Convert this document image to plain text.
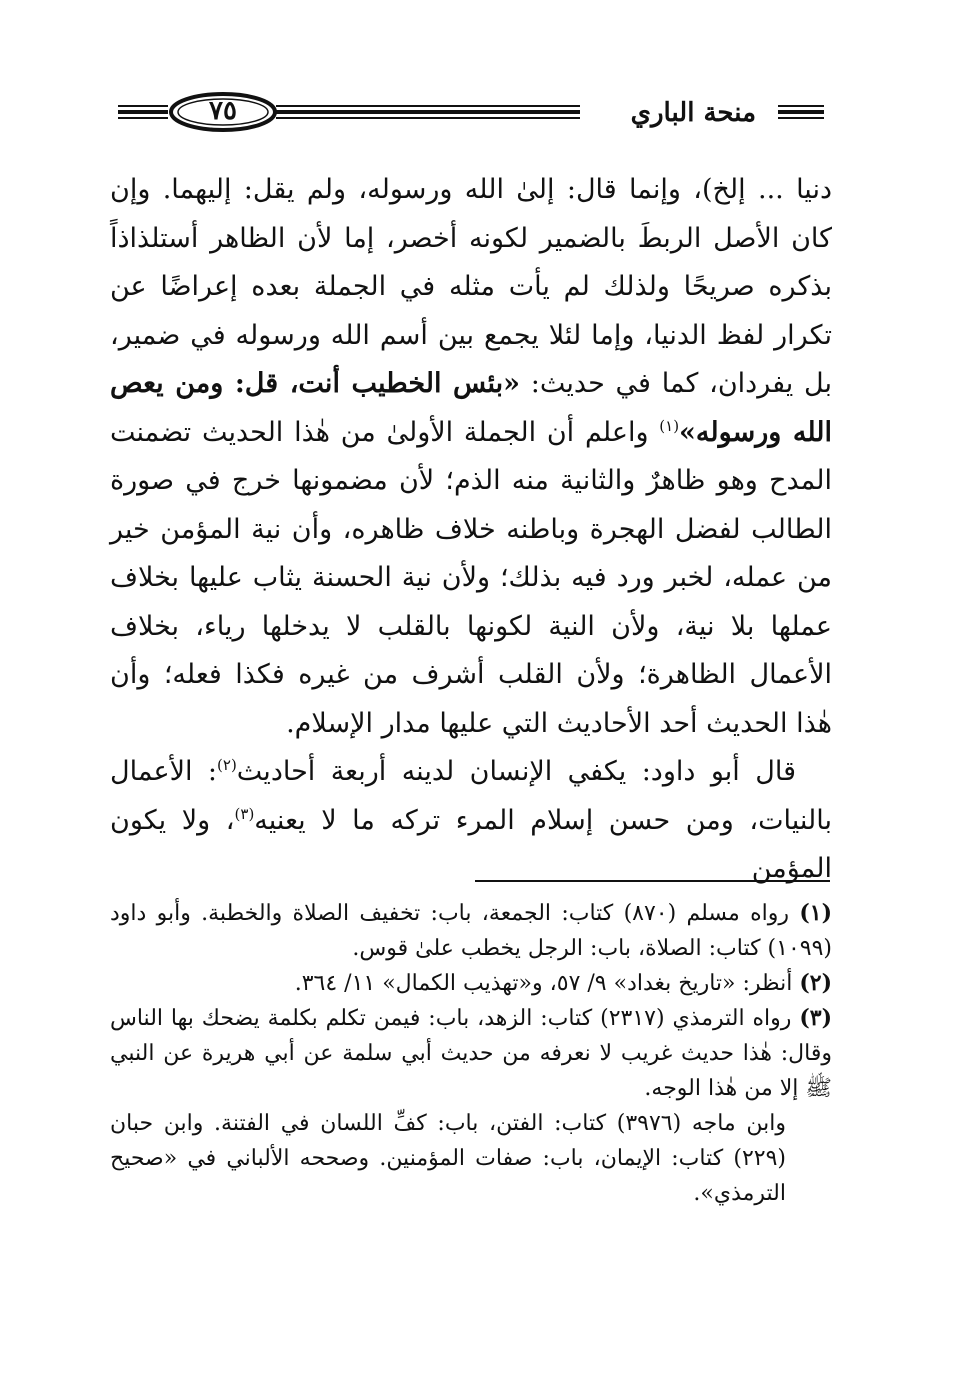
منحة الباري
٧٥

دنيا ... إلخ)، وإنما قال: إلىٰ الله ورسوله، ولم يقل: إليهما. وإن كان الأصل الربطَ بالضمير لكونه أخصر، إما لأن الظاهر أستلذاذاً بذكره صريحًا ولذلك لم يأت مثله في الجملة بعده إعراضًا عن تكرار لفظ الدنيا، وإما لئلا يجمع بين أسم الله ورسوله في ضمير، بل يفردان، كما في حديث: «بئس الخطيب أنت، قل: ومن يعص الله ورسوله»$^{(١)}$ واعلم أن الجملة الأولىٰ من هٰذا الحديث تضمنت المدح وهو ظاهرٌ والثانية منه الذم؛ لأن مضمونها خرج في صورة الطالب لفضل الهجرة وباطنه خلاف ظاهره، وأن نية المؤمن خير من عمله، لخبر ورد فيه بذلك؛ ولأن نية الحسنة يثاب عليها بخلاف عملها بلا نية، ولأن النية لكونها بالقلب لا يدخلها رياء، بخلاف الأعمال الظاهرة؛ ولأن القلب أشرف من غيره فكذا فعله؛ وأن هٰذا الحديث أحد الأحاديث التي عليها مدار الإسلام.

قال أبو داود: يكفي الإنسان لدينه أربعة أحاديث$^{(٢)}$: الأعمال بالنيات، ومن حسن إسلام المرء تركه ما لا يعنيه$^{(٣)}$، ولا يكون المؤمن

(١) رواه مسلم (٨٧٠) كتاب: الجمعة، باب: تخفيف الصلاة والخطبة. وأبو داود (١٠٩٩) كتاب: الصلاة، باب: الرجل يخطب علىٰ قوس.

(٢) أنظر: «تاريخ بغداد» ٩/ ٥٧، و«تهذيب الكمال» ١١/ ٣٦٤.

(٣) رواه الترمذي (٢٣١٧) كتاب: الزهد، باب: فيمن تكلم بكلمة يضحك بها الناس وقال: هٰذا حديث غريب لا نعرفه من حديث أبي سلمة عن أبي هريرة عن النبي ﷺ إلا من هٰذا الوجه.

وابن ماجه (٣٩٧٦) كتاب: الفتن، باب: كفِّ اللسان في الفتنة. وابن حبان (٢٢٩) كتاب: الإيمان، باب: صفات المؤمنين. وصححه الألباني في «صحيح الترمذي».
